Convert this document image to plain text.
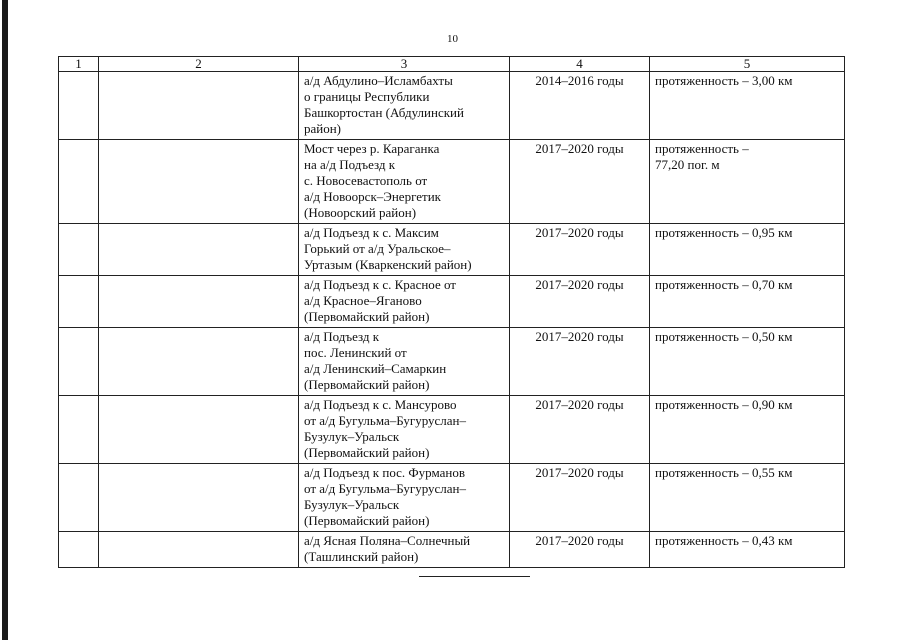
10
1	2	3	4	5
		а/д Абдулино–Исламбахты
о границы Республики
Башкортостан (Абдулинский
район)	2014–2016 годы	протяженность – 3,00 км
		Мост через р. Караганка
на а/д Подъезд к
с. Новосевастополь от
а/д Новоорск–Энергетик
(Новоорский район)	2017–2020 годы	протяженность –
77,20 пог. м
		а/д Подъезд к с. Максим
Горький от а/д Уральское–
Уртазым (Кваркенский район)	2017–2020 годы	протяженность – 0,95 км
		а/д Подъезд к с. Красное от
а/д Красное–Ягановo
(Первомайский район)	2017–2020 годы	протяженность – 0,70 км
		а/д Подъезд к
пос. Ленинский от
а/д Ленинский–Самаркин
(Первомайский район)	2017–2020 годы	протяженность – 0,50 км
		а/д Подъезд к с. Мансурово
от а/д Бугульма–Бугуруслан–
Бузулук–Уральск
(Первомайский район)	2017–2020 годы	протяженность – 0,90 км
		а/д Подъезд к пос. Фурманов
от а/д Бугульма–Бугуруслан–
Бузулук–Уральск
(Первомайский район)	2017–2020 годы	протяженность – 0,55 км
		а/д Ясная Поляна–Солнечный
(Ташлинский район)	2017–2020 годы	протяженность – 0,43 км
